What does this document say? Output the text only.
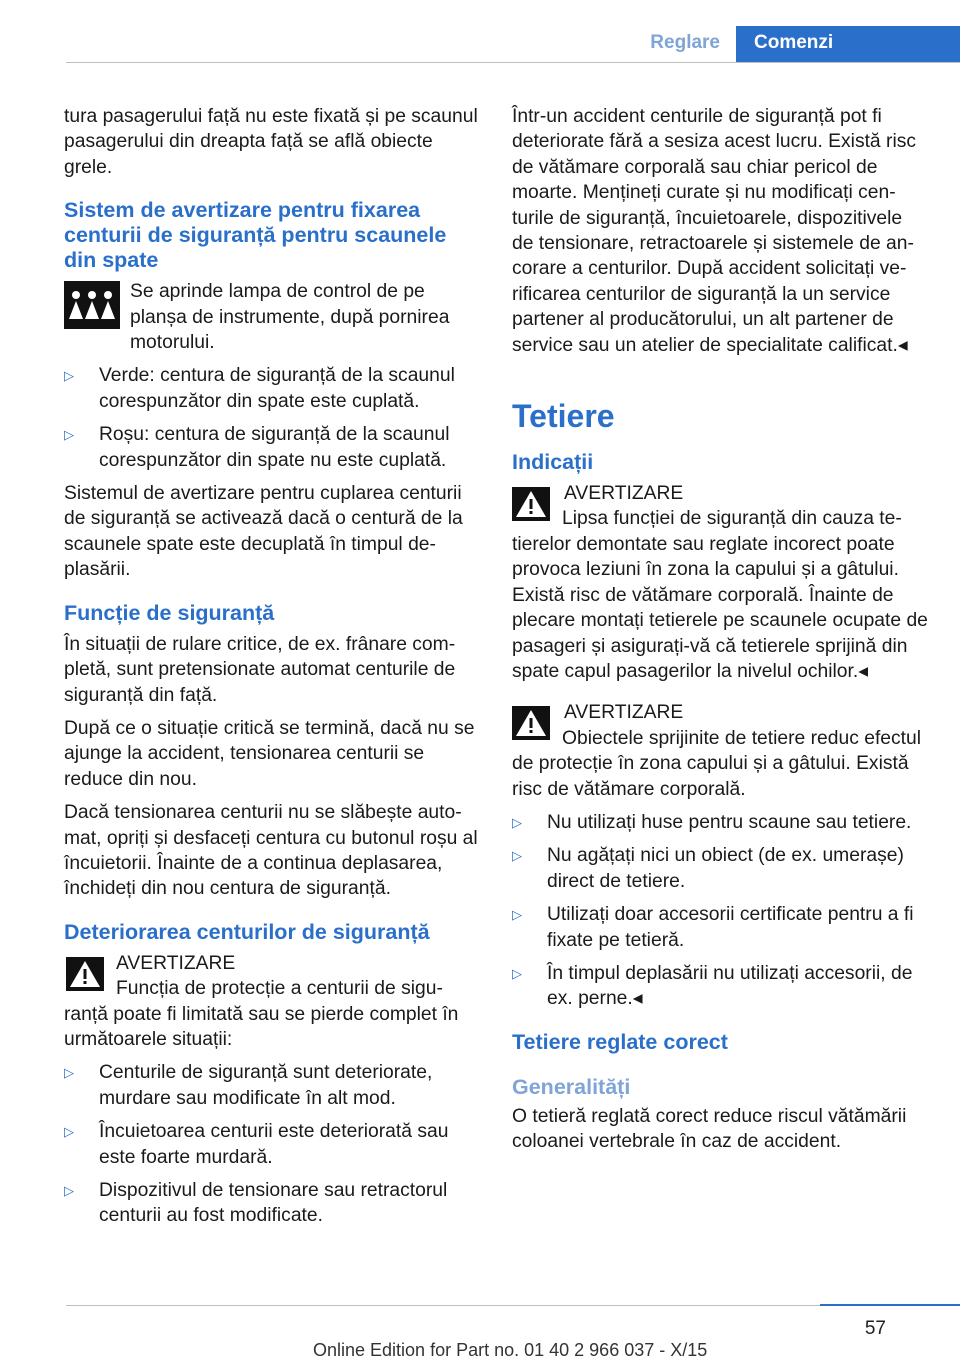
Reglare	Comenzi

tura pasagerului față nu este fixată și pe scaunul pasagerului din dreapta față se află obiecte grele.

Sistem de avertizare pentru fixarea centurii de siguranță pentru scaunele din spate
Se aprinde lampa de control de pe planșa de instrumente, după pornirea motorului.
▷ Verde: centura de siguranță de la scaunul corespunzător din spate este cuplată.
▷ Roșu: centura de siguranță de la scaunul corespunzător din spate nu este cuplată.

Sistemul de avertizare pentru cuplarea centurii de siguranță se activează dacă o centură de la scaunele spate este decuplată în timpul deplasării.

Funcție de siguranță

În situații de rulare critice, de ex. frânare completă, sunt pretensionate automat centurile de siguranță din față.

După ce o situație critică se termină, dacă nu se ajunge la accident, tensionarea centurii se reduce din nou.

Dacă tensionarea centurii nu se slăbește automat, opriți și desfaceți centura cu butonul roșu al încuietorii. Înainte de a continua deplasarea, închideți din nou centura de siguranță.

Deteriorarea centurilor de siguranță
AVERTIZARE
Funcția de protecție a centurii de siguranță poate fi limitată sau se pierde complet în următoarele situații:
▷ Centurile de siguranță sunt deteriorate, murdare sau modificate în alt mod.
▷ Încuietoarea centurii este deteriorată sau este foarte murdară.
▷ Dispozitivul de tensionare sau retractorul centurii au fost modificate.

Într-un accident centurile de siguranță pot fi deteriorate fără a sesiza acest lucru. Există risc de vătămare corporală sau chiar pericol de moarte. Mențineți curate și nu modificați centurile de siguranță, încuietoarele, dispozitivele de tensionare, retractoarele și sistemele de ancorare a centurilor. După accident solicitați verificarea centurilor de siguranță la un service partener al producătorului, un alt partener de service sau un atelier de specialitate calificat.◂

Tetiere
Indicații
AVERTIZARE
Lipsa funcției de siguranță din cauza tetierelor demontate sau reglate incorect poate provoca leziuni în zona la capului și a gâtului. Există risc de vătămare corporală. Înainte de plecare montați tetierele pe scaunele ocupate de pasageri și asigurați-vă că tetierele sprijină din spate capul pasagerilor la nivelul ochilor.◂
AVERTIZARE
Obiectele sprijinite de tetiere reduc efectul de protecție în zona capului și a gâtului. Există risc de vătămare corporală.
▷ Nu utilizați huse pentru scaune sau tetiere.
▷ Nu agățați nici un obiect (de ex. umerașe) direct de tetiere.
▷ Utilizați doar accesorii certificate pentru a fi fixate pe tetieră.
▷ În timpul deplasării nu utilizați accesorii, de ex. perne.◂
Tetiere reglate corect
Generalități

O tetieră reglată corect reduce riscul vătămării coloanei vertebrale în caz de accident.

57
Online Edition for Part no. 01 40 2 966 037 - X/15
